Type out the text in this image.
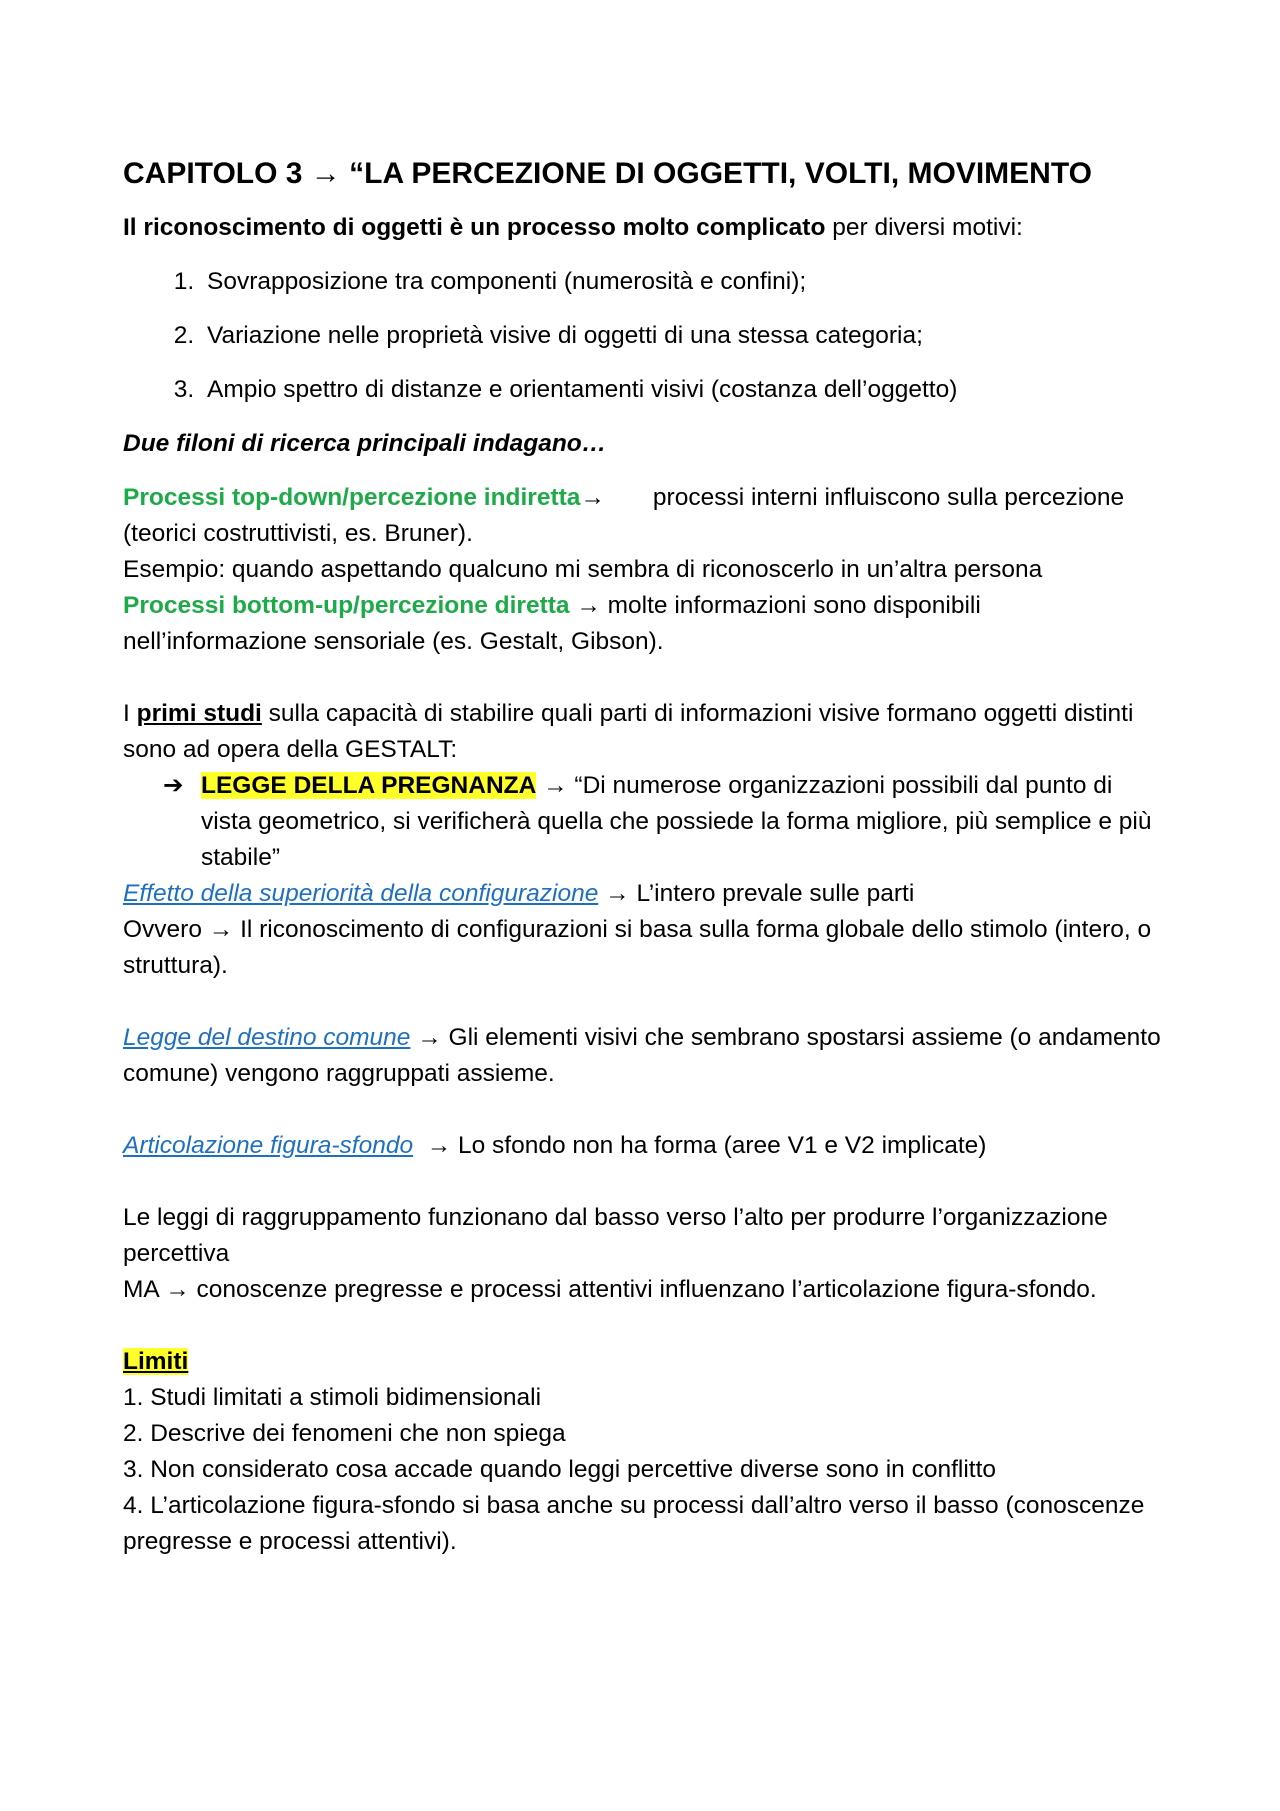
CAPITOLO 3 → “LA PERCEZIONE DI OGGETTI, VOLTI, MOVIMENTO

Il riconoscimento di oggetti è un processo molto complicato per diversi motivi:

1. Sovrapposizione tra componenti (numerosità e confini);
2. Variazione nelle proprietà visive di oggetti di una stessa categoria;
3. Ampio spettro di distanze e orientamenti visivi (costanza dell’oggetto)

Due filoni di ricerca principali indagano…

Processi top-down/percezione indiretta→ processi interni influiscono sulla percezione (teorici costruttivisti, es. Bruner).

Esempio: quando aspettando qualcuno mi sembra di riconoscerlo in un’altra persona

Processi bottom-up/percezione diretta → molte informazioni sono disponibili nell’informazione sensoriale (es. Gestalt, Gibson).

I primi studi sulla capacità di stabilire quali parti di informazioni visive formano oggetti distinti sono ad opera della GESTALT:

➔ LEGGE DELLA PREGNANZA → “Di numerose organizzazioni possibili dal punto di vista geometrico, si verificherà quella che possiede la forma migliore, più semplice e più stabile”

Effetto della superiorità della configurazione → L’intero prevale sulle parti

Ovvero → Il riconoscimento di configurazioni si basa sulla forma globale dello stimolo (intero, o struttura).

Legge del destino comune → Gli elementi visivi che sembrano spostarsi assieme (o andamento comune) vengono raggruppati assieme.

Articolazione figura-sfondo  → Lo sfondo non ha forma (aree V1 e V2 implicate)

Le leggi di raggruppamento funzionano dal basso verso l’alto per produrre l’organizzazione percettiva

MA → conoscenze pregresse e processi attentivi influenzano l’articolazione figura-sfondo.

Limiti

1. Studi limitati a stimoli bidimensionali

2. Descrive dei fenomeni che non spiega

3. Non considerato cosa accade quando leggi percettive diverse sono in conflitto

4. L’articolazione figura-sfondo si basa anche su processi dall’altro verso il basso (conoscenze pregresse e processi attentivi).
